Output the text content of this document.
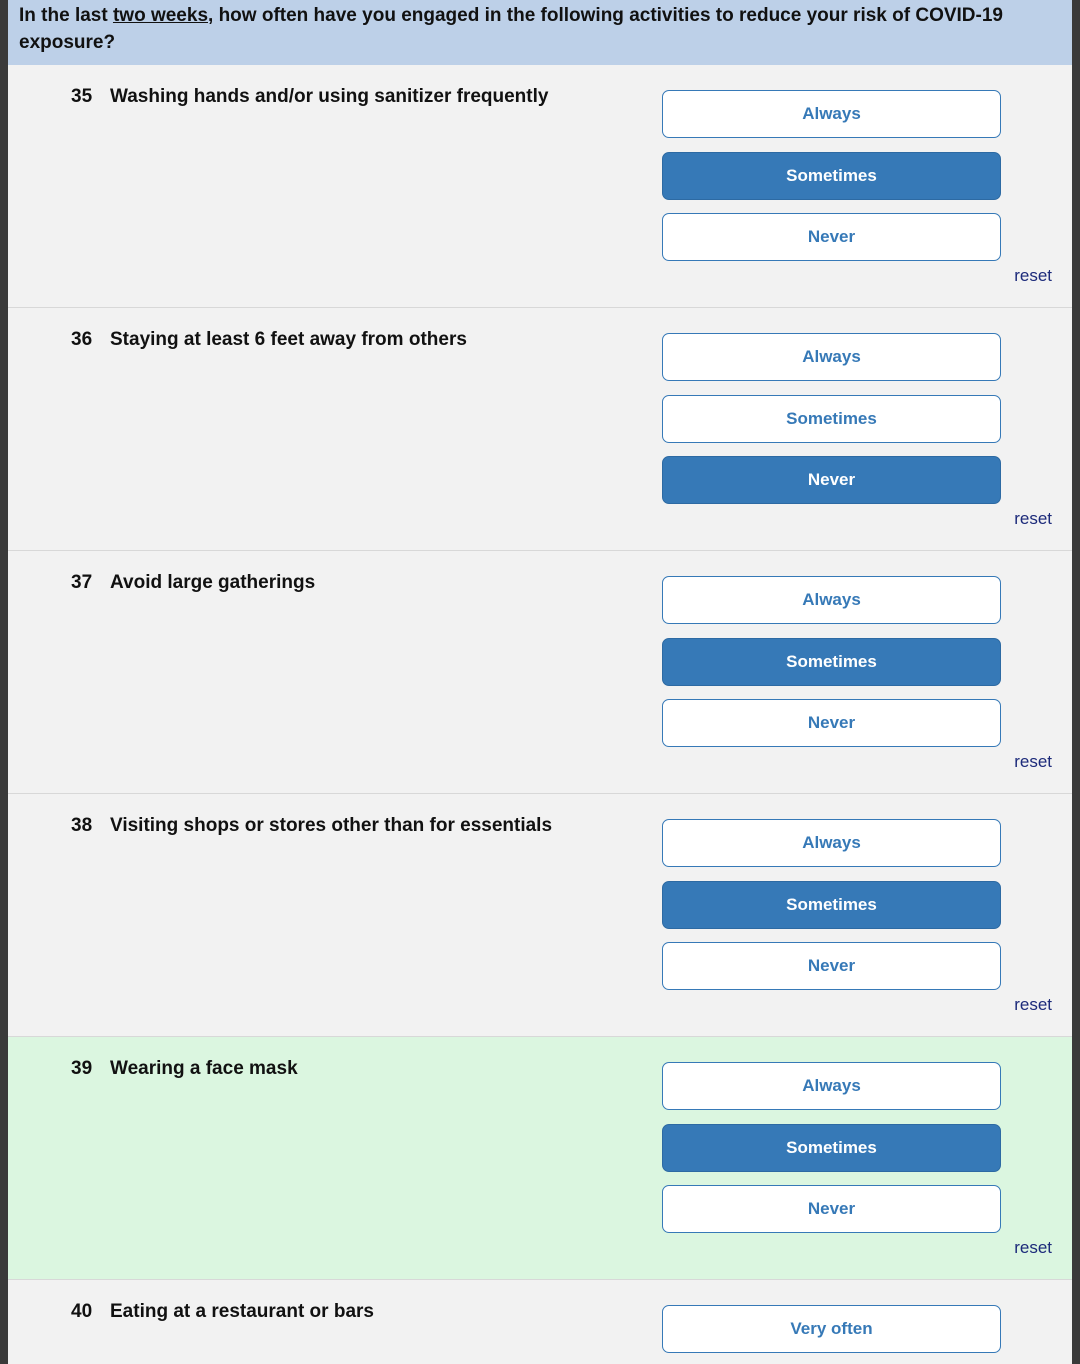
In the last two weeks, how often have you engaged in the following activities to reduce your risk of COVID-19 exposure?
35 Washing hands and/or using sanitizer frequently
Always
Sometimes
Never
reset
36 Staying at least 6 feet away from others
Always
Sometimes
Never
reset
37 Avoid large gatherings
Always
Sometimes
Never
reset
38 Visiting shops or stores other than for essentials
Always
Sometimes
Never
reset
39 Wearing a face mask
Always
Sometimes
Never
reset
40 Eating at a restaurant or bars
Very often
